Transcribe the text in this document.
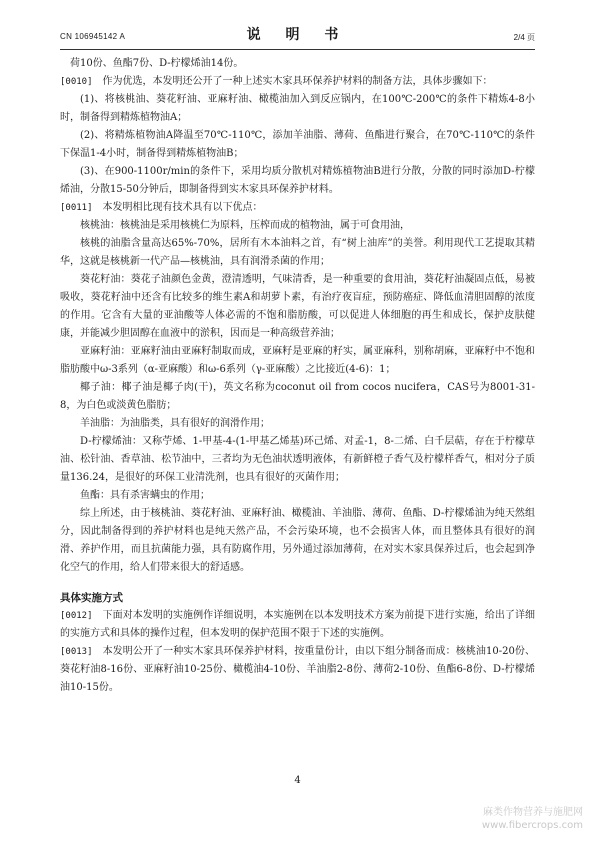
CN 106945142 A	说 明 书	2/4 页

荷10份、鱼酯7份、D-柠檬烯油14份。

[0010] 作为优选，本发明还公开了一种上述实木家具环保养护材料的制备方法，具体步骤如下：

(1)、将核桃油、葵花籽油、亚麻籽油、橄榄油加入到反应锅内，在100℃-200℃的条件下精炼4-8小时，制备得到精炼植物油A；

(2)、将精炼植物油A降温至70℃-110℃，添加羊油脂、薄荷、鱼酯进行聚合，在70℃-110℃的条件下保温1-4小时，制备得到精炼植物油B；

(3)、在900-1100r/min的条件下，采用均质分散机对精炼植物油B进行分散，分散的同时添加D-柠檬烯油，分散15-50分钟后，即制备得到实木家具环保养护材料。

[0011] 本发明相比现有技术具有以下优点：

核桃油：核桃油是采用核桃仁为原料，压榨而成的植物油，属于可食用油，

核桃的油脂含量高达65%-70%，居所有木本油料之首，有“树上油库”的美誉。利用现代工艺提取其精华，这就是核桃新一代产品—核桃油，具有润滑杀菌的作用；

葵花籽油：葵花子油颜色金黄，澄清透明，气味清香，是一种重要的食用油，葵花籽油凝固点低，易被吸收，葵花籽油中还含有比较多的维生素A和胡萝卜素，有治疗夜盲症，预防癌症、降低血清胆固醇的浓度的作用。它含有大量的亚油酸等人体必需的不饱和脂肪酸，可以促进人体细胞的再生和成长，保护皮肤健康，并能减少胆固醇在血液中的淤积，因而是一种高级营养油；

亚麻籽油：亚麻籽油由亚麻籽制取而成，亚麻籽是亚麻的籽实，属亚麻科，别称胡麻，亚麻籽中不饱和脂肪酸中ω-3系列（α-亚麻酸）和ω-6系列（γ-亚麻酸）之比接近(4-6)：1；

椰子油：椰子油是椰子肉(干)，英文名称为coconut oil from cocos nucifera，CAS号为8001-31-8，为白色或淡黄色脂肪；

羊油脂：为油脂类，具有很好的润滑作用；

D-柠檬烯油：又称苧烯、1-甲基-4-(1-甲基乙烯基)环己烯、对孟-1，8-二烯、白千层萜，存在于柠檬草油、松针油、香草油、松节油中，三者均为无色油状透明液体，有新鲜橙子香气及柠檬样香气，相对分子质量136.24，是很好的环保工业清洗剂，也具有很好的灭菌作用；

鱼酯：具有杀害螨虫的作用；

综上所述，由于核桃油、葵花籽油、亚麻籽油、橄榄油、羊油脂、薄荷、鱼酯、D-柠檬烯油为纯天然组分，因此制备得到的养护材料也是纯天然产品，不会污染环境，也不会损害人体，而且整体具有很好的润滑、养护作用，而且抗菌能力强，具有防腐作用，另外通过添加薄荷，在对实木家具保养过后，也会起到净化空气的作用，给人们带来很大的舒适感。

具体实施方式

[0012] 下面对本发明的实施例作详细说明，本实施例在以本发明技术方案为前提下进行实施，给出了详细的实施方式和具体的操作过程，但本发明的保护范围不限于下述的实施例。

[0013] 本发明公开了一种实木家具环保养护材料，按重量份计，由以下组分制备而成：核桃油10-20份、葵花籽油8-16份、亚麻籽油10-25份、橄榄油4-10份、羊油脂2-8份、薄荷2-10份、鱼酯6-8份、D-柠檬烯油10-15份。

4
麻类作物营养与施肥网
www.fibercrops.com
